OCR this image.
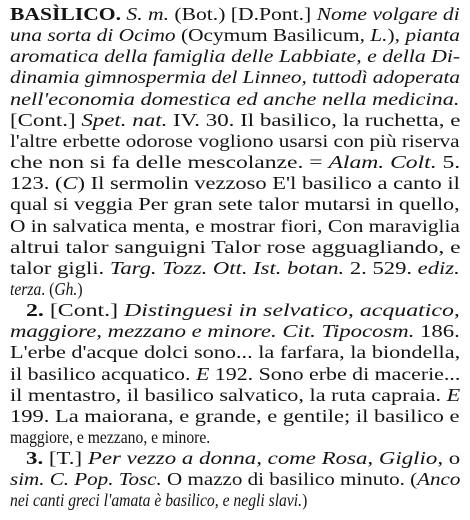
BASÌLICO. S. m. (Bot.) [D.Pont.] Nome volgare di
una sorta di Ocimo (Ocymum Basilicum, L.), pianta
aromatica della famiglia delle Labbiate, e della Di-
dinamia gimnospermia del Linneo, tuttodì adoperata
nell'economia domestica ed anche nella medicina.
[Cont.] Spet. nat. IV. 30. Il basilico, la ruchetta, e
l'altre erbette odorose vogliono usarsi con più riserva
che non si fa delle mescolanze. = Alam. Colt. 5.
123. (C) Il sermolin vezzoso E'l basilico a canto il
qual si veggia Per gran sete talor mutarsi in quello,
O in salvatica menta, e mostrar fiori, Con maraviglia
altrui talor sanguigni Talor rose agguagliando, e
talor gigli. Targ. Tozz. Ott. Ist. botan. 2. 529. ediz.
terza. (Gh.)
2. [Cont.] Distinguesi in selvatico, acquatico,
maggiore, mezzano e minore. Cit. Tipocosm. 186.
L'erbe d'acque dolci sono... la farfara, la biondella,
il basilico acquatico. E 192. Sono erbe di macerie...
il mentastro, il basilico salvatico, la ruta capraia. E
199. La maiorana, e grande, e gentile; il basilico e
maggiore, e mezzano, e minore.
3. [T.] Per vezzo a donna, come Rosa, Giglio, o
sim. C. Pop. Tosc. O mazzo di basilico minuto. (Anco
nei canti greci l'amata è basilico, e negli slavi.)
